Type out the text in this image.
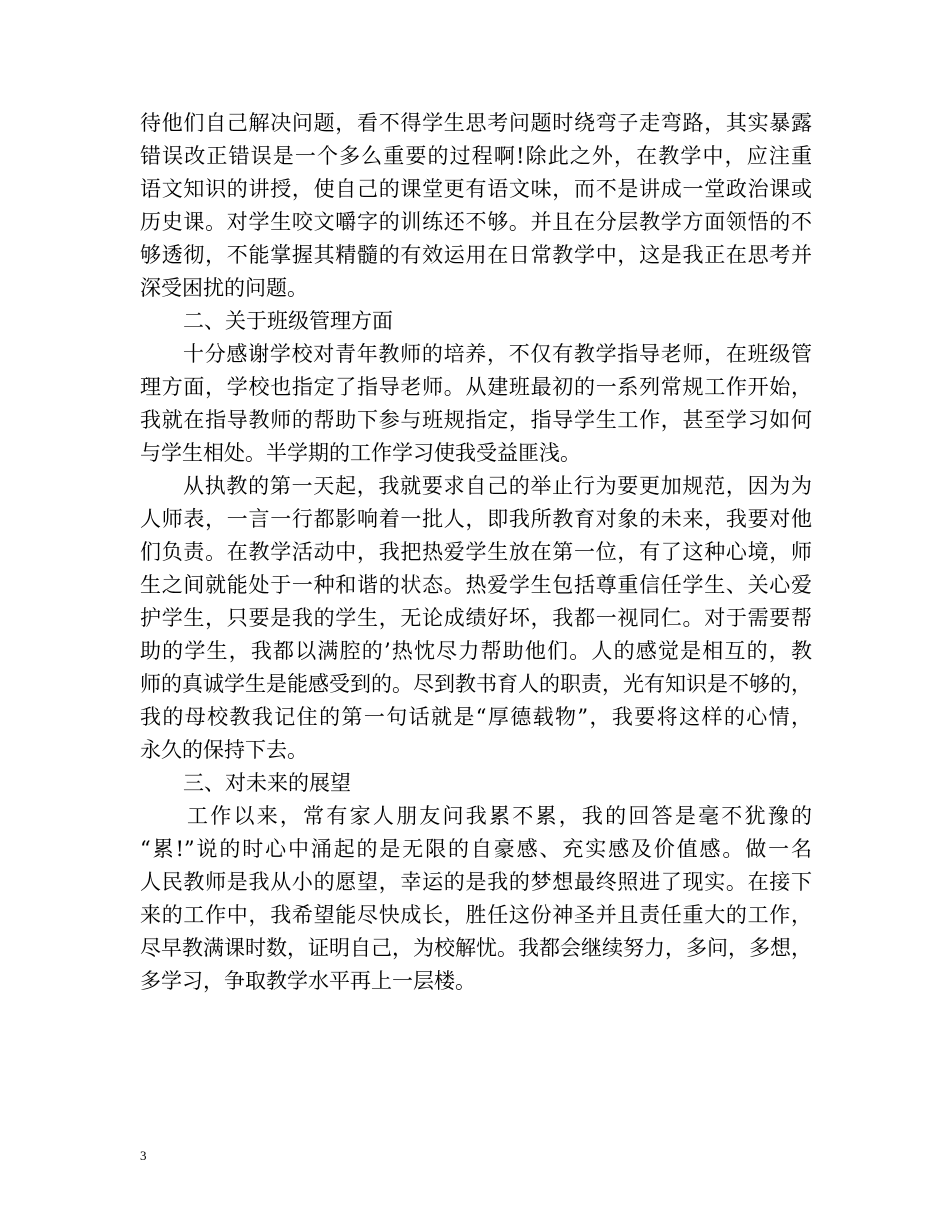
待他们自己解决问题，看不得学生思考问题时绕弯子走弯路，其实暴露
错误改正错误是一个多么重要的过程啊!除此之外，在教学中，应注重
语文知识的讲授，使自己的课堂更有语文味，而不是讲成一堂政治课或
历史课。对学生咬文嚼字的训练还不够。并且在分层教学方面领悟的不
够透彻，不能掌握其精髓的有效运用在日常教学中，这是我正在思考并
深受困扰的问题。
二、关于班级管理方面
十分感谢学校对青年教师的培养，不仅有教学指导老师，在班级管
理方面，学校也指定了指导老师。从建班最初的一系列常规工作开始，
我就在指导教师的帮助下参与班规指定，指导学生工作，甚至学习如何
与学生相处。半学期的工作学习使我受益匪浅。
从执教的第一天起，我就要求自己的举止行为要更加规范，因为为
人师表，一言一行都影响着一批人，即我所教育对象的未来，我要对他
们负责。在教学活动中，我把热爱学生放在第一位，有了这种心境，师
生之间就能处于一种和谐的状态。热爱学生包括尊重信任学生、关心爱
护学生，只要是我的学生，无论成绩好坏，我都一视同仁。对于需要帮
助的学生，我都以满腔的’热忱尽力帮助他们。人的感觉是相互的，教
师的真诚学生是能感受到的。尽到教书育人的职责，光有知识是不够的，
我的母校教我记住的第一句话就是“厚德载物”，我要将这样的心情，
永久的保持下去。
三、对未来的展望
工作以来，常有家人朋友问我累不累，我的回答是毫不犹豫的
“累!”说的时心中涌起的是无限的自豪感、充实感及价值感。做一名
人民教师是我从小的愿望，幸运的是我的梦想最终照进了现实。在接下
来的工作中，我希望能尽快成长，胜任这份神圣并且责任重大的工作，
尽早教满课时数，证明自己，为校解忧。我都会继续努力，多问，多想，
多学习，争取教学水平再上一层楼。
3
